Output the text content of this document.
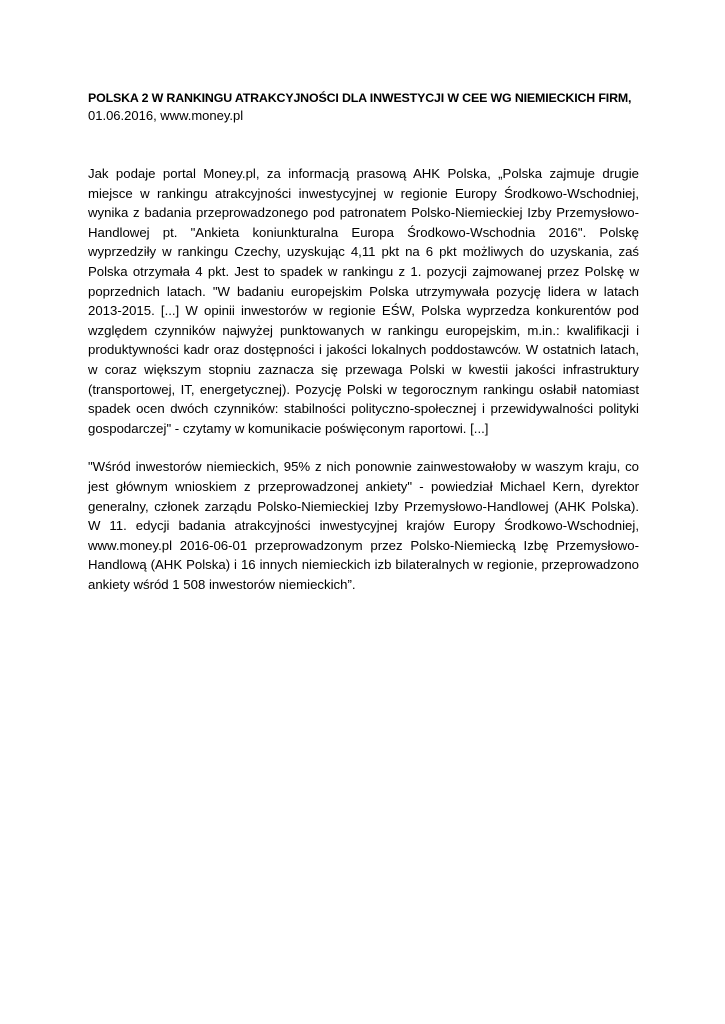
POLSKA 2 W RANKINGU ATRAKCYJNOŚCI DLA INWESTYCJI W CEE WG NIEMIECKICH FIRM,

01.06.2016, www.money.pl

Jak podaje portal Money.pl, za informacją prasową AHK Polska, „Polska zajmuje drugie miejsce w rankingu atrakcyjności inwestycyjnej w regionie Europy Środkowo-Wschodniej, wynika z badania przeprowadzonego pod patronatem Polsko-Niemieckiej Izby Przemysłowo-Handlowej pt. "Ankieta koniunkturalna Europa Środkowo-Wschodnia 2016". Polskę wyprzedziły w rankingu Czechy, uzyskując 4,11 pkt na 6 pkt możliwych do uzyskania, zaś Polska otrzymała 4 pkt. Jest to spadek w rankingu z 1. pozycji zajmowanej przez Polskę w poprzednich latach. "W badaniu europejskim Polska utrzymywała pozycję lidera w latach 2013-2015. [...] W opinii inwestorów w regionie EŚW, Polska wyprzedza konkurentów pod względem czynników najwyżej punktowanych w rankingu europejskim, m.in.: kwalifikacji i produktywności kadr oraz dostępności i jakości lokalnych poddostawców. W ostatnich latach, w coraz większym stopniu zaznacza się przewaga Polski w kwestii jakości infrastruktury (transportowej, IT, energetycznej). Pozycję Polski w tegorocznym rankingu osłabił natomiast spadek ocen dwóch czynników: stabilności polityczno-społecznej i przewidywalności polityki gospodarczej" - czytamy w komunikacie poświęconym raportowi. [...]

"Wśród inwestorów niemieckich, 95% z nich ponownie zainwestowałoby w waszym kraju, co jest głównym wnioskiem z przeprowadzonej ankiety" - powiedział Michael Kern, dyrektor generalny, członek zarządu Polsko-Niemieckiej Izby Przemysłowo-Handlowej (AHK Polska). W 11. edycji badania atrakcyjności inwestycyjnej krajów Europy Środkowo-Wschodniej, www.money.pl 2016-06-01 przeprowadzonym przez Polsko-Niemiecką Izbę Przemysłowo-Handlową (AHK Polska) i 16 innych niemieckich izb bilateralnych w regionie, przeprowadzono ankiety wśród 1 508 inwestorów niemieckich”.
